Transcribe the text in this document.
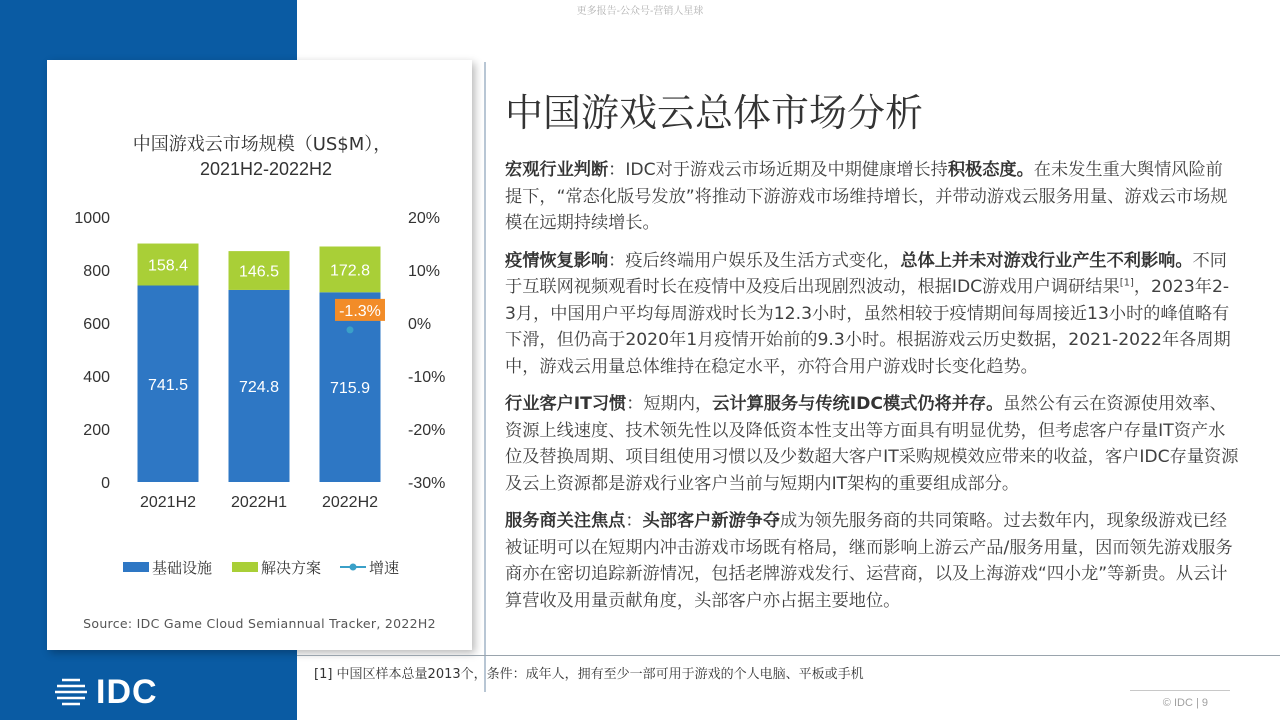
更多报告-公众号-营销人星球
中国游戏云市场规模（US$M），
2021H2-2022H2
1000
800
600
400
200
0
20%
10%
0%
-10%
-20%
-30%
741.5
158.4
2021H2
724.8
146.5
2022H1
715.9
172.8
2022H2
-1.3%
基础设施	解决方案	增速
Source: IDC Game Cloud Semiannual Tracker, 2022H2
中国游戏云总体市场分析

宏观行业判断：IDC对于游戏云市场近期及中期健康增长持积极态度。在未发生重大舆情风险前提下，“常态化版号发放”将推动下游游戏市场维持增长，并带动游戏云服务用量、游戏云市场规模在远期持续增长。

疫情恢复影响：疫后终端用户娱乐及生活方式变化，总体上并未对游戏行业产生不利影响。不同于互联网视频观看时长在疫情中及疫后出现剧烈波动，根据IDC游戏用户调研结果[1]，2023年2-3月，中国用户平均每周游戏时长为12.3小时，虽然相较于疫情期间每周接近13小时的峰值略有下滑，但仍高于2020年1月疫情开始前的9.3小时。根据游戏云历史数据，2021-2022年各周期中，游戏云用量总体维持在稳定水平，亦符合用户游戏时长变化趋势。

行业客户IT习惯：短期内，云计算服务与传统IDC模式仍将并存。虽然公有云在资源使用效率、资源上线速度、技术领先性以及降低资本性支出等方面具有明显优势，但考虑客户存量IT资产水位及替换周期、项目组使用习惯以及少数超大客户IT采购规模效应带来的收益，客户IDC存量资源及云上资源都是游戏行业客户当前与短期内IT架构的重要组成部分。

服务商关注焦点：头部客户新游争夺成为领先服务商的共同策略。过去数年内，现象级游戏已经被证明可以在短期内冲击游戏市场既有格局，继而影响上游云产品/服务用量，因而领先游戏服务商亦在密切追踪新游情况，包括老牌游戏发行、运营商，以及上海游戏“四小龙”等新贵。从云计算营收及用量贡献角度，头部客户亦占据主要地位。

[1] 中国区样本总量2013个，条件：成年人，拥有至少一部可用于游戏的个人电脑、平板或手机
© IDC | 9
IDC
